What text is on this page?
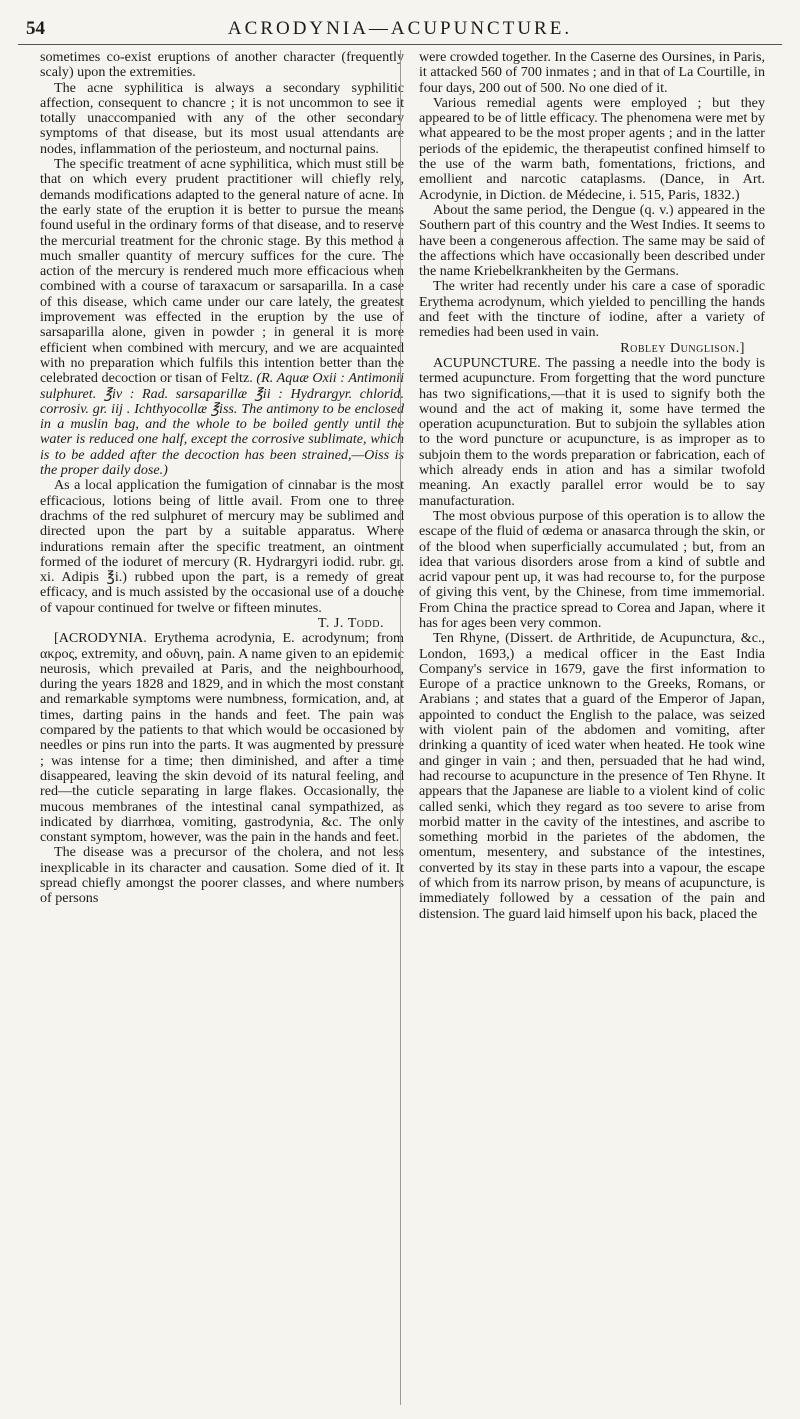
54	ACRODYNIA—ACUPUNCTURE.

sometimes co-exist eruptions of another character (frequently scaly) upon the extremities.

The acne syphilitica is always a secondary syphilitic affection, consequent to chancre ; it is not uncommon to see it totally unaccompanied with any of the other secondary symptoms of that disease, but its most usual attendants are nodes, inflammation of the periosteum, and nocturnal pains.

The specific treatment of acne syphilitica, which must still be that on which every prudent practitioner will chiefly rely, demands modifications adapted to the general nature of acne. In the early state of the eruption it is better to pursue the means found useful in the ordinary forms of that disease, and to reserve the mercurial treatment for the chronic stage. By this method a much smaller quantity of mercury suffices for the cure. The action of the mercury is rendered much more efficacious when combined with a course of taraxacum or sarsaparilla. In a case of this disease, which came under our care lately, the greatest improvement was effected in the eruption by the use of sarsaparilla alone, given in powder ; in general it is more efficient when combined with mercury, and we are acquainted with no preparation which fulfils this intention better than the celebrated decoction or tisan of Feltz. (R. Aquæ Oxii : Antimonii sulphuret. ℥iv : Rad. sarsaparillæ ℥ii : Hydrargyr. chlorid. corrosiv. gr. iij . Ichthyocollæ ℥iss. The antimony to be enclosed in a muslin bag, and the whole to be boiled gently until the water is reduced one half, except the corrosive sublimate, which is to be added after the decoction has been strained,—Oiss is the proper daily dose.)

As a local application the fumigation of cinnabar is the most efficacious, lotions being of little avail. From one to three drachms of the red sulphuret of mercury may be sublimed and directed upon the part by a suitable apparatus. Where indurations remain after the specific treatment, an ointment formed of the ioduret of mercury (R. Hydrargyri iodid. rubr. gr. xi. Adipis ℥i.) rubbed upon the part, is a remedy of great efficacy, and is much assisted by the occasional use of a douche of vapour continued for twelve or fifteen minutes.

T. J. Todd.

[ACRODYNIA. Erythema acrodynia, E. acrodynum; from ακρος, extremity, and οδυνη, pain. A name given to an epidemic neurosis, which prevailed at Paris, and the neighbourhood, during the years 1828 and 1829, and in which the most constant and remarkable symptoms were numbness, formication, and, at times, darting pains in the hands and feet. The pain was compared by the patients to that which would be occasioned by needles or pins run into the parts. It was augmented by pressure ; was intense for a time; then diminished, and after a time disappeared, leaving the skin devoid of its natural feeling, and red—the cuticle separating in large flakes. Occasionally, the mucous membranes of the intestinal canal sympathized, as indicated by diarrhœa, vomiting, gastrodynia, &c. The only constant symptom, however, was the pain in the hands and feet.

The disease was a precursor of the cholera, and not less inexplicable in its character and causation. Some died of it. It spread chiefly amongst the poorer classes, and where numbers of persons

were crowded together. In the Caserne des Oursines, in Paris, it attacked 560 of 700 inmates ; and in that of La Courtille, in four days, 200 out of 500. No one died of it.

Various remedial agents were employed ; but they appeared to be of little efficacy. The phenomena were met by what appeared to be the most proper agents ; and in the latter periods of the epidemic, the therapeutist confined himself to the use of the warm bath, fomentations, frictions, and emollient and narcotic cataplasms. (Dance, in Art. Acrodynie, in Diction. de Médecine, i. 515, Paris, 1832.)

About the same period, the Dengue (q. v.) appeared in the Southern part of this country and the West Indies. It seems to have been a congenerous affection. The same may be said of the affections which have occasionally been described under the name Kriebelkrankheiten by the Germans.

The writer had recently under his care a case of sporadic Erythema acrodynum, which yielded to pencilling the hands and feet with the tincture of iodine, after a variety of remedies had been used in vain.

Robley Dunglison.]

ACUPUNCTURE. The passing a needle into the body is termed acupuncture. From forgetting that the word puncture has two significations,—that it is used to signify both the wound and the act of making it, some have termed the operation acupuncturation. But to subjoin the syllables ation to the word puncture or acupuncture, is as improper as to subjoin them to the words preparation or fabrication, each of which already ends in ation and has a similar twofold meaning. An exactly parallel error would be to say manufacturation.

The most obvious purpose of this operation is to allow the escape of the fluid of œdema or anasarca through the skin, or of the blood when superficially accumulated ; but, from an idea that various disorders arose from a kind of subtle and acrid vapour pent up, it was had recourse to, for the purpose of giving this vent, by the Chinese, from time immemorial. From China the practice spread to Corea and Japan, where it has for ages been very common.

Ten Rhyne, (Dissert. de Arthritide, de Acupunctura, &c., London, 1693,) a medical officer in the East India Company's service in 1679, gave the first information to Europe of a practice unknown to the Greeks, Romans, or Arabians ; and states that a guard of the Emperor of Japan, appointed to conduct the English to the palace, was seized with violent pain of the abdomen and vomiting, after drinking a quantity of iced water when heated. He took wine and ginger in vain ; and then, persuaded that he had wind, had recourse to acupuncture in the presence of Ten Rhyne. It appears that the Japanese are liable to a violent kind of colic called senki, which they regard as too severe to arise from morbid matter in the cavity of the intestines, and ascribe to something morbid in the parietes of the abdomen, the omentum, mesentery, and substance of the intestines, converted by its stay in these parts into a vapour, the escape of which from its narrow prison, by means of acupuncture, is immediately followed by a cessation of the pain and distension. The guard laid himself upon his back, placed the
